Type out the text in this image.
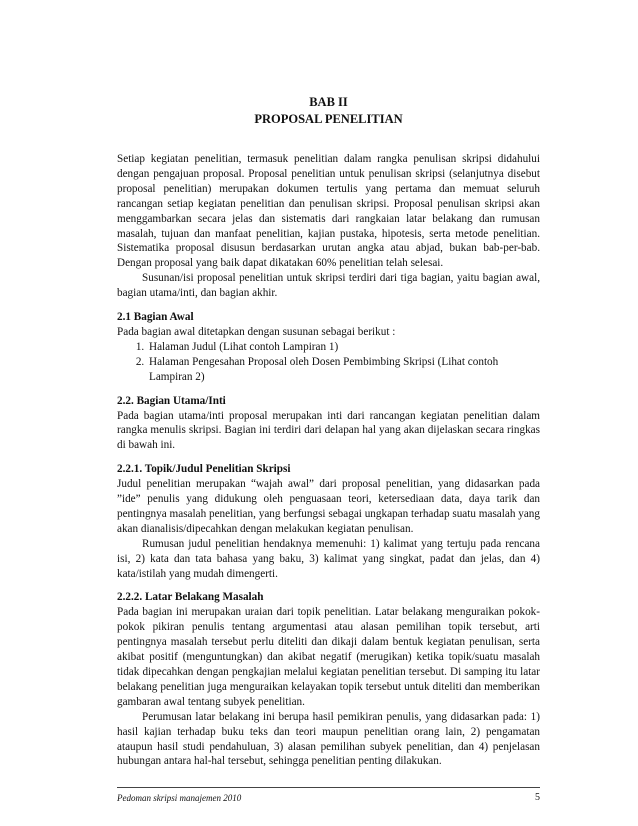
BAB II
PROPOSAL PENELITIAN

Setiap kegiatan penelitian, termasuk penelitian dalam rangka penulisan skripsi didahului dengan pengajuan proposal. Proposal penelitian untuk penulisan skripsi (selanjutnya disebut proposal penelitian) merupakan dokumen tertulis yang pertama dan memuat seluruh rancangan setiap kegiatan penelitian dan penulisan skripsi. Proposal penulisan skripsi akan menggambarkan secara jelas dan sistematis dari rangkaian latar belakang dan rumusan masalah, tujuan dan manfaat penelitian, kajian pustaka, hipotesis, serta metode penelitian. Sistematika proposal disusun berdasarkan urutan angka atau abjad, bukan bab-per-bab. Dengan proposal yang baik dapat dikatakan 60% penelitian telah selesai.

Susunan/isi proposal penelitian untuk skripsi terdiri dari tiga bagian, yaitu bagian awal, bagian utama/inti, dan bagian akhir.

2.1 Bagian Awal

Pada bagian awal ditetapkan dengan susunan sebagai berikut :

1. Halaman Judul (Lihat contoh Lampiran 1)
2. Halaman Pengesahan Proposal oleh Dosen Pembimbing Skripsi (Lihat contoh Lampiran 2)
2.2. Bagian Utama/Inti

Pada bagian utama/inti proposal merupakan inti dari rancangan kegiatan penelitian dalam rangka menulis skripsi. Bagian ini terdiri dari delapan hal yang akan dijelaskan secara ringkas di bawah ini.

2.2.1. Topik/Judul Penelitian Skripsi

Judul penelitian merupakan “wajah awal” dari proposal penelitian, yang didasarkan pada ”ide” penulis yang didukung oleh penguasaan teori, ketersediaan data, daya tarik dan pentingnya masalah penelitian, yang berfungsi sebagai ungkapan terhadap suatu masalah yang akan dianalisis/dipecahkan dengan melakukan kegiatan penulisan.

Rumusan judul penelitian hendaknya memenuhi: 1) kalimat yang tertuju pada rencana isi, 2) kata dan tata bahasa yang baku, 3) kalimat yang singkat, padat dan jelas, dan 4) kata/istilah yang mudah dimengerti.

2.2.2. Latar Belakang Masalah

Pada bagian ini merupakan uraian dari topik penelitian. Latar belakang menguraikan pokok-pokok pikiran penulis tentang argumentasi atau alasan pemilihan topik tersebut, arti pentingnya masalah tersebut perlu diteliti dan dikaji dalam bentuk kegiatan penulisan, serta akibat positif (menguntungkan) dan akibat negatif (merugikan) ketika topik/suatu masalah tidak dipecahkan dengan pengkajian melalui kegiatan penelitian tersebut. Di samping itu latar belakang penelitian juga menguraikan kelayakan topik tersebut untuk diteliti dan memberikan gambaran awal tentang subyek penelitian.

Perumusan latar belakang ini berupa hasil pemikiran penulis, yang didasarkan pada: 1) hasil kajian terhadap buku teks dan teori maupun penelitian orang lain, 2) pengamatan ataupun hasil studi pendahuluan, 3) alasan pemilihan subyek penelitian, dan 4) penjelasan hubungan antara hal-hal tersebut, sehingga penelitian penting dilakukan.

Pedoman skripsi manajemen 2010	5
